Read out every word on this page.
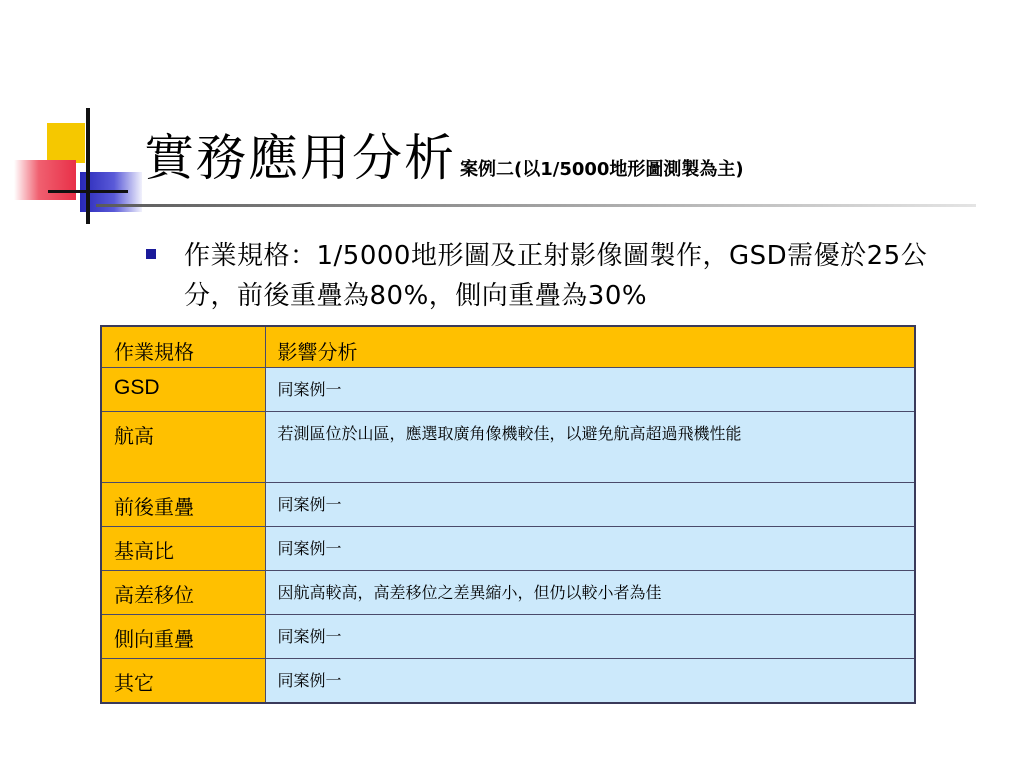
實務應用分析 案例二(以1/5000地形圖測製為主)
作業規格：1/5000地形圖及正射影像圖製作，GSD需優於25公分，前後重疊為80%，側向重疊為30%
作業規格	影響分析
GSD	同案例一
航高	若測區位於山區，應選取廣角像機較佳，以避免航高超過飛機性能
前後重疊	同案例一
基高比	同案例一
高差移位	因航高較高，高差移位之差異縮小，但仍以較小者為佳
側向重疊	同案例一
其它	同案例一
